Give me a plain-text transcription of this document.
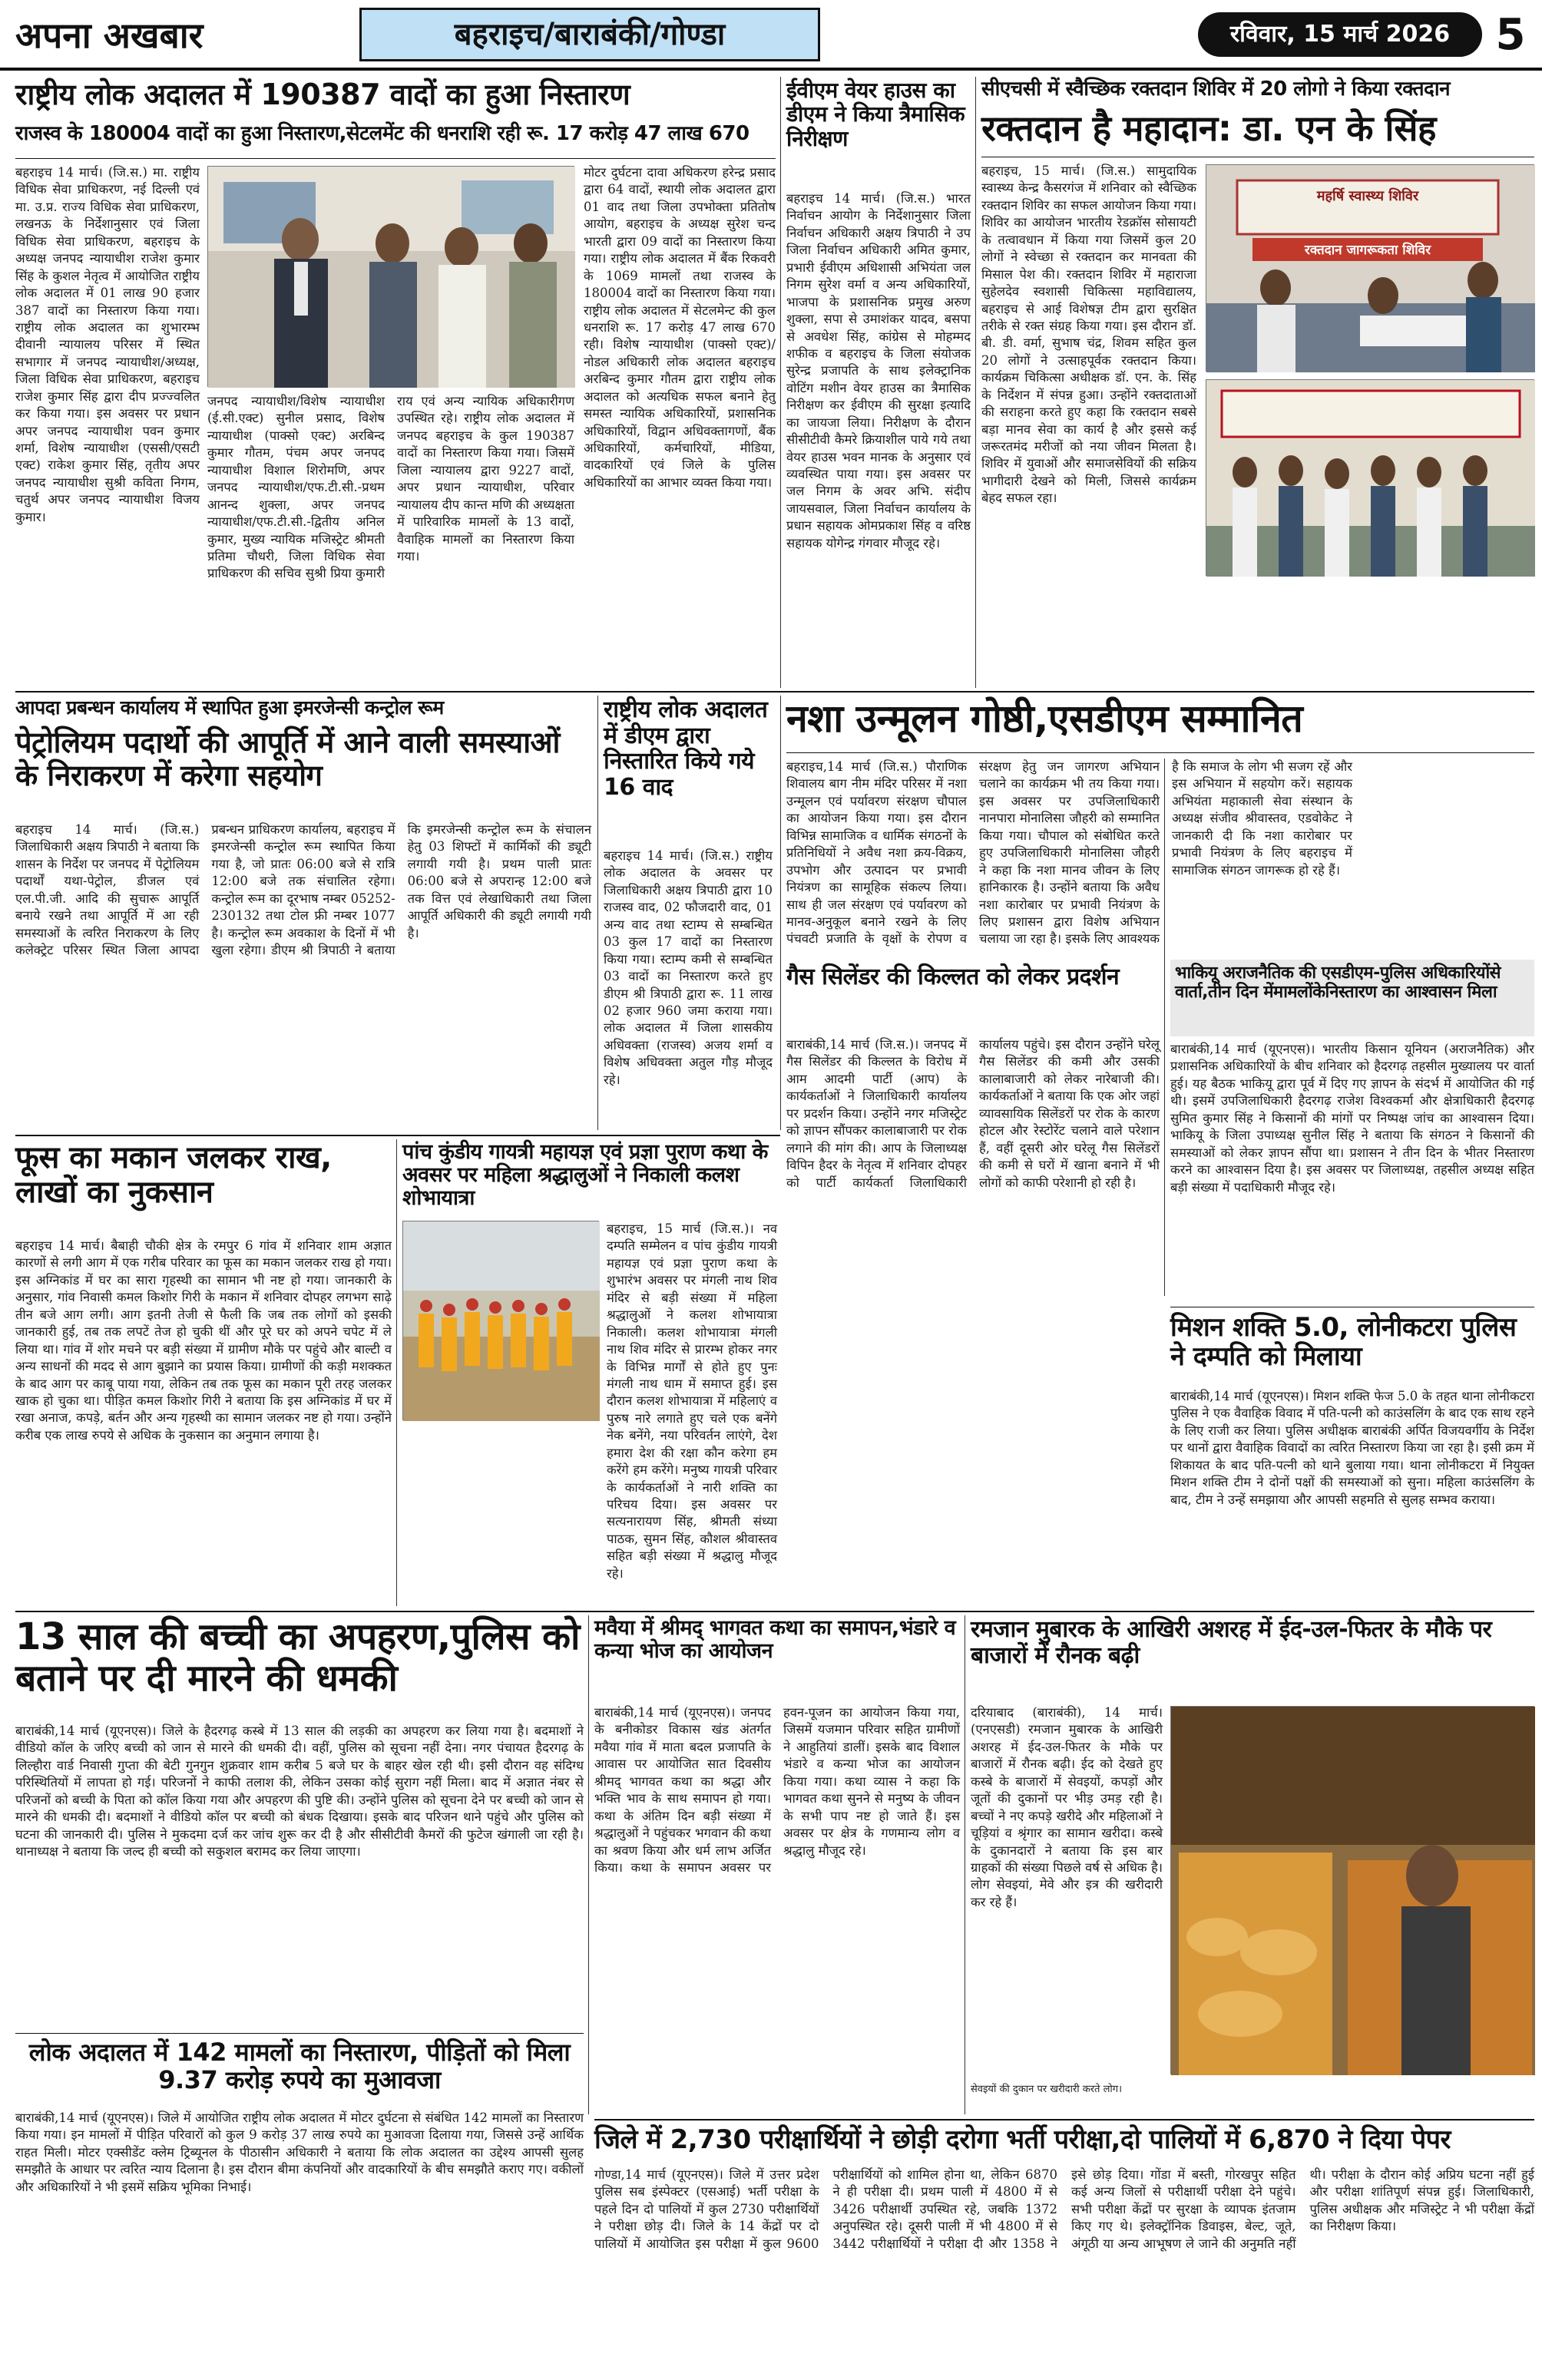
अपना अखबार	बहराइच/बाराबंकी/गोण्डा	रविवार, 15 मार्च 2026	5
राष्ट्रीय लोक अदालत में 190387 वादों का हुआ निस्तारण
राजस्व के 180004 वादों का हुआ निस्तारण,सेटलमेंट की धनराशि रही रू. 17 करोड़ 47 लाख 670
बहराइच 14 मार्च। (जि.स.) मा. राष्ट्रीय विधिक सेवा प्राधिकरण, नई दिल्ली एवं मा. उ.प्र. राज्य विधिक सेवा प्राधिकरण, लखनऊ के निर्देशानुसार एवं जिला विधिक सेवा प्राधिकरण, बहराइच के अध्यक्ष जनपद न्यायाधीश राजेश कुमार सिंह के कुशल नेतृत्व में आयोजित राष्ट्रीय लोक अदालत में 01 लाख 90 हजार 387 वादों का निस्तारण किया गया। राष्ट्रीय लोक अदालत का शुभारम्भ दीवानी न्यायालय परिसर में स्थित सभागार में जनपद न्यायाधीश/अध्यक्ष, जिला विधिक सेवा प्राधिकरण, बहराइच राजेश कुमार सिंह द्वारा दीप प्रज्ज्वलित कर किया गया। इस अवसर पर प्रधान अपर जनपद न्यायाधीश पवन कुमार शर्मा, विशेष न्यायाधीश (एससी/एसटी एक्ट) राकेश कुमार सिंह, तृतीय अपर जनपद न्यायाधीश सुश्री कविता निगम, चतुर्थ अपर जनपद न्यायाधीश विजय कुमार।
जनपद न्यायाधीश/विशेष न्यायाधीश (ई.सी.एक्ट) सुनील प्रसाद, विशेष न्यायाधीश (पाक्सो एक्ट) अरबिन्द कुमार गौतम, पंचम अपर जनपद न्यायाधीश विशाल शिरोमणि, अपर जनपद न्यायाधीश/एफ.टी.सी.-प्रथम आनन्द शुक्ला, अपर जनपद न्यायाधीश/एफ.टी.सी.-द्वितीय अनिल कुमार, मुख्य न्यायिक मजिस्ट्रेट श्रीमती प्रतिमा चौधरी, जिला विधिक सेवा प्राधिकरण की सचिव सुश्री प्रिया कुमारी राय एवं अन्य न्यायिक अधिकारीगण उपस्थित रहे। राष्ट्रीय लोक अदालत में जनपद बहराइच के कुल 190387 वादों का निस्तारण किया गया। जिसमें जिला न्यायालय द्वारा 9227 वादों, अपर प्रधान न्यायाधीश, परिवार न्यायालय दीप कान्त मणि की अध्यक्षता में पारिवारिक मामलों के 13 वादों, वैवाहिक मामलों का निस्तारण किया गया।
मोटर दुर्घटना दावा अधिकरण हरेन्द्र प्रसाद द्वारा 64 वादों, स्थायी लोक अदालत द्वारा 01 वाद तथा जिला उपभोक्ता प्रतितोष आयोग, बहराइच के अध्यक्ष सुरेश चन्द भारती द्वारा 09 वादों का निस्तारण किया गया। राष्ट्रीय लोक अदालत में बैंक रिकवरी के 1069 मामलों तथा राजस्व के 180004 वादों का निस्तारण किया गया। राष्ट्रीय लोक अदालत में सेटलमेन्ट की कुल धनराशि रू. 17 करोड़ 47 लाख 670 रही। विशेष न्यायाधीश (पाक्सो एक्ट)/नोडल अधिकारी लोक अदालत बहराइच अरबिन्द कुमार गौतम द्वारा राष्ट्रीय लोक अदालत को अत्यधिक सफल बनाने हेतु समस्त न्यायिक अधिकारियों, प्रशासनिक अधिकारियों, विद्वान अधिवक्तागणों, बैंक अधिकारियों, कर्मचारियों, मीडिया, वादकारियों एवं जिले के पुलिस अधिकारियों का आभार व्यक्त किया गया।
ईवीएम वेयर हाउस का डीएम ने किया त्रैमासिक निरीक्षण
बहराइच 14 मार्च। (जि.स.) भारत निर्वाचन आयोग के निर्देशानुसार जिला निर्वाचन अधिकारी अक्षय त्रिपाठी ने उप जिला निर्वाचन अधिकारी अमित कुमार, प्रभारी ईवीएम अधिशासी अभियंता जल निगम सुरेश वर्मा व अन्य अधिकारियों, भाजपा के प्रशासनिक प्रमुख अरुण शुक्ला, सपा से उमाशंकर यादव, बसपा से अवधेश सिंह, कांग्रेस से मोहम्मद शफीक व बहराइच के जिला संयोजक सुरेन्द्र प्रजापति के साथ इलेक्ट्रानिक वोटिंग मशीन वेयर हाउस का त्रैमासिक निरीक्षण कर ईवीएम की सुरक्षा इत्यादि का जायजा लिया। निरीक्षण के दौरान सीसीटीवी कैमरे क्रियाशील पाये गये तथा वेयर हाउस भवन मानक के अनुसार एवं व्यवस्थित पाया गया। इस अवसर पर जल निगम के अवर अभि. संदीप जायसवाल, जिला निर्वाचन कार्यालय के प्रधान सहायक ओमप्रकाश सिंह व वरिष्ठ सहायक योगेन्द्र गंगवार मौजूद रहे।
सीएचसी में स्वैच्छिक रक्तदान शिविर में 20 लोगो ने किया रक्तदान
रक्तदान है महादान: डा. एन के सिंह
बहराइच, 15 मार्च। (जि.स.) सामुदायिक स्वास्थ्य केन्द्र कैसरगंज में शनिवार को स्वैच्छिक रक्तदान शिविर का सफल आयोजन किया गया। शिविर का आयोजन भारतीय रेडक्रॉस सोसायटी के तत्वावधान में किया गया जिसमें कुल 20 लोगों ने स्वेच्छा से रक्तदान कर मानवता की मिसाल पेश की। रक्तदान शिविर में महाराजा सुहेलदेव स्वशासी चिकित्सा महाविद्यालय, बहराइच से आई विशेषज्ञ टीम द्वारा सुरक्षित तरीके से रक्त संग्रह किया गया। इस दौरान डॉ. बी. डी. वर्मा, सुभाष चंद्र, शिवम सहित कुल 20 लोगों ने उत्साहपूर्वक रक्तदान किया। कार्यक्रम चिकित्सा अधीक्षक डॉ. एन. के. सिंह के निर्देशन में संपन्न हुआ। उन्होंने रक्तदाताओं की सराहना करते हुए कहा कि रक्तदान सबसे बड़ा मानव सेवा का कार्य है और इससे कई जरूरतमंद मरीजों को नया जीवन मिलता है। शिविर में युवाओं और समाजसेवियों की सक्रिय भागीदारी देखने को मिली, जिससे कार्यक्रम बेहद सफल रहा।
महर्षि स्वास्थ्य शिविर
रक्तदान जागरूकता शिविर
आपदा प्रबन्धन कार्यालय में स्थापित हुआ इमरजेन्सी कन्ट्रोल रूम
पेट्रोलियम पदार्थो की आपूर्ति में आने वाली समस्याओं के निराकरण में करेगा सहयोग
बहराइच 14 मार्च। (जि.स.) जिलाधिकारी अक्षय त्रिपाठी ने बताया कि शासन के निर्देश पर जनपद में पेट्रोलियम पदार्थों यथा-पेट्रोल, डीजल एवं एल.पी.जी. आदि की सुचारू आपूर्ति बनाये रखने तथा आपूर्ति में आ रही समस्याओं के त्वरित निराकरण के लिए कलेक्ट्रेट परिसर स्थित जिला आपदा प्रबन्धन प्राधिकरण कार्यालय, बहराइच में इमरजेन्सी कन्ट्रोल रूम स्थापित किया गया है, जो प्रातः 06:00 बजे से रात्रि 12:00 बजे तक संचालित रहेगा। कन्ट्रोल रूम का दूरभाष नम्बर 05252-230132 तथा टोल फ्री नम्बर 1077 है। कन्ट्रोल रूम अवकाश के दिनों में भी खुला रहेगा। डीएम श्री त्रिपाठी ने बताया कि इमरजेन्सी कन्ट्रोल रूम के संचालन हेतु 03 शिफ्टों में कार्मिकों की ड्यूटी लगायी गयी है। प्रथम पाली प्रातः 06:00 बजे से अपरान्ह 12:00 बजे तक वित्त एवं लेखाधिकारी तथा जिला आपूर्ति अधिकारी की ड्यूटी लगायी गयी है।
राष्ट्रीय लोक अदालत में डीएम द्वारा निस्तारित किये गये 16 वाद
बहराइच 14 मार्च। (जि.स.) राष्ट्रीय लोक अदालत के अवसर पर जिलाधिकारी अक्षय त्रिपाठी द्वारा 10 राजस्व वाद, 02 फौजदारी वाद, 01 अन्य वाद तथा स्टाम्प से सम्बन्धित 03 कुल 17 वादों का निस्तारण किया गया। स्टाम्प कमी से सम्बन्धित 03 वादों का निस्तारण करते हुए डीएम श्री त्रिपाठी द्वारा रू. 11 लाख 02 हजार 960 जमा कराया गया। लोक अदालत में जिला शासकीय अधिवक्ता (राजस्व) अजय शर्मा व विशेष अधिवक्ता अतुल गौड़ मौजूद रहे।
नशा उन्मूलन गोष्ठी,एसडीएम सम्मानित
बहराइच,14 मार्च (जि.स.) पौराणिक शिवालय बाग नीम मंदिर परिसर में नशा उन्मूलन एवं पर्यावरण संरक्षण चौपाल का आयोजन किया गया। इस दौरान विभिन्न सामाजिक व धार्मिक संगठनों के प्रतिनिधियों ने अवैध नशा क्रय-विक्रय, उपभोग और उत्पादन पर प्रभावी नियंत्रण का सामूहिक संकल्प लिया। साथ ही जल संरक्षण एवं पर्यावरण को मानव-अनुकूल बनाने रखने के लिए पंचवटी प्रजाति के वृक्षों के रोपण व संरक्षण हेतु जन जागरण अभियान चलाने का कार्यक्रम भी तय किया गया। इस अवसर पर उपजिलाधिकारी नानपारा मोनालिसा जौहरी को सम्मानित किया गया। चौपाल को संबोधित करते हुए उपजिलाधिकारी मोनालिसा जौहरी ने कहा कि नशा मानव जीवन के लिए हानिकारक है। उन्होंने बताया कि अवैध नशा कारोबार पर प्रभावी नियंत्रण के लिए प्रशासन द्वारा विशेष अभियान चलाया जा रहा है। इसके लिए आवश्यक है कि समाज के लोग भी सजग रहें और इस अभियान में सहयोग करें। सहायक अभियंता महाकाली सेवा संस्थान के अध्यक्ष संजीव श्रीवास्तव, एडवोकेट ने जानकारी दी कि नशा कारोबार पर प्रभावी नियंत्रण के लिए बहराइच में सामाजिक संगठन जागरूक हो रहे हैं।
गैस सिलेंडर की किल्लत को लेकर प्रदर्शन
बाराबंकी,14 मार्च (जि.स.)। जनपद में गैस सिलेंडर की किल्लत के विरोध में आम आदमी पार्टी (आप) के कार्यकर्ताओं ने जिलाधिकारी कार्यालय पर प्रदर्शन किया। उन्होंने नगर मजिस्ट्रेट को ज्ञापन सौंपकर कालाबाजारी पर रोक लगाने की मांग की। आप के जिलाध्यक्ष विपिन हैदर के नेतृत्व में शनिवार दोपहर को पार्टी कार्यकर्ता जिलाधिकारी कार्यालय पहुंचे। इस दौरान उन्होंने घरेलू गैस सिलेंडर की कमी और उसकी कालाबाजारी को लेकर नारेबाजी की। कार्यकर्ताओं ने बताया कि एक ओर जहां व्यावसायिक सिलेंडरों पर रोक के कारण होटल और रेस्टोरेंट चलाने वाले परेशान हैं, वहीं दूसरी ओर घरेलू गैस सिलेंडरों की कमी से घरों में खाना बनाने में भी लोगों को काफी परेशानी हो रही है।
भाकियू अराजनैतिक की एसडीएम-पुलिस अधिकारियोंसे वार्ता,तीन दिन मेंमामलोंकेनिस्तारण का आश्वासन मिला
बाराबंकी,14 मार्च (यूएनएस)। भारतीय किसान यूनियन (अराजनैतिक) और प्रशासनिक अधिकारियों के बीच शनिवार को हैदरगढ़ तहसील मुख्यालय पर वार्ता हुई। यह बैठक भाकियू द्वारा पूर्व में दिए गए ज्ञापन के संदर्भ में आयोजित की गई थी। इसमें उपजिलाधिकारी हैदरगढ़ राजेश विश्वकर्मा और क्षेत्राधिकारी हैदरगढ़ सुमित कुमार सिंह ने किसानों की मांगों पर निष्पक्ष जांच का आश्वासन दिया। भाकियू के जिला उपाध्यक्ष सुनील सिंह ने बताया कि संगठन ने किसानों की समस्याओं को लेकर ज्ञापन सौंपा था। प्रशासन ने तीन दिन के भीतर निस्तारण करने का आश्वासन दिया है। इस अवसर पर जिलाध्यक्ष, तहसील अध्यक्ष सहित बड़ी संख्या में पदाधिकारी मौजूद रहे।
मिशन शक्ति 5.0, लोनीकटरा पुलिस ने दम्पति को मिलाया
बाराबंकी,14 मार्च (यूएनएस)। मिशन शक्ति फेज 5.0 के तहत थाना लोनीकटरा पुलिस ने एक वैवाहिक विवाद में पति-पत्नी को काउंसलिंग के बाद एक साथ रहने के लिए राजी कर लिया। पुलिस अधीक्षक बाराबंकी अर्पित विजयवर्गीय के निर्देश पर थानों द्वारा वैवाहिक विवादों का त्वरित निस्तारण किया जा रहा है। इसी क्रम में शिकायत के बाद पति-पत्नी को थाने बुलाया गया। थाना लोनीकटरा में नियुक्त मिशन शक्ति टीम ने दोनों पक्षों की समस्याओं को सुना। महिला काउंसलिंग के बाद, टीम ने उन्हें समझाया और आपसी सहमति से सुलह सम्भव कराया।
फूस का मकान जलकर राख, लाखों का नुकसान
बहराइच 14 मार्च। बैबाही चौकी क्षेत्र के रमपुर 6 गांव में शनिवार शाम अज्ञात कारणों से लगी आग में एक गरीब परिवार का फूस का मकान जलकर राख हो गया। इस अग्निकांड में घर का सारा गृहस्थी का सामान भी नष्ट हो गया। जानकारी के अनुसार, गांव निवासी कमल किशोर गिरी के मकान में शनिवार दोपहर लगभग साढ़े तीन बजे आग लगी। आग इतनी तेजी से फैली कि जब तक लोगों को इसकी जानकारी हुई, तब तक लपटें तेज हो चुकी थीं और पूरे घर को अपने चपेट में ले लिया था। गांव में शोर मचने पर बड़ी संख्या में ग्रामीण मौके पर पहुंचे और बाल्टी व अन्य साधनों की मदद से आग बुझाने का प्रयास किया। ग्रामीणों की कड़ी मशक्कत के बाद आग पर काबू पाया गया, लेकिन तब तक फूस का मकान पूरी तरह जलकर खाक हो चुका था। पीड़ित कमल किशोर गिरी ने बताया कि इस अग्निकांड में घर में रखा अनाज, कपड़े, बर्तन और अन्य गृहस्थी का सामान जलकर नष्ट हो गया। उन्होंने करीब एक लाख रुपये से अधिक के नुकसान का अनुमान लगाया है।
पांच कुंडीय गायत्री महायज्ञ एवं प्रज्ञा पुराण कथा के अवसर पर महिला श्रद्धालुओं ने निकाली कलश शोभायात्रा
बहराइच, 15 मार्च (जि.स.)। नव दम्पति सम्मेलन व पांच कुंडीय गायत्री महायज्ञ एवं प्रज्ञा पुराण कथा के शुभारंभ अवसर पर मंगली नाथ शिव मंदिर से बड़ी संख्या में महिला श्रद्धालुओं ने कलश शोभायात्रा निकाली। कलश शोभायात्रा मंगली नाथ शिव मंदिर से प्रारम्भ होकर नगर के विभिन्न मार्गों से होते हुए पुनः मंगली नाथ धाम में समाप्त हुई। इस दौरान कलश शोभायात्रा में महिलाएं व पुरुष नारे लगाते हुए चले एक बनेंगे नेक बनेंगे, नया परिवर्तन लाएंगे, देश हमारा देश की रक्षा कौन करेगा हम करेंगे हम करेंगे। मनुष्य गायत्री परिवार के कार्यकर्ताओं ने नारी शक्ति का परिचय दिया। इस अवसर पर सत्यनारायण सिंह, श्रीमती संध्या पाठक, सुमन सिंह, कौशल श्रीवास्तव सहित बड़ी संख्या में श्रद्धालु मौजूद रहे।
13 साल की बच्ची का अपहरण,पुलिस को बताने पर दी मारने की धमकी
बाराबंकी,14 मार्च (यूएनएस)। जिले के हैदरगढ़ कस्बे में 13 साल की लड़की का अपहरण कर लिया गया है। बदमाशों ने वीडियो कॉल के जरिए बच्ची को जान से मारने की धमकी दी। वहीं, पुलिस को सूचना नहीं देना। नगर पंचायत हैदरगढ़ के लिल्हौरा वार्ड निवासी गुप्ता की बेटी गुनगुन शुक्रवार शाम करीब 5 बजे घर के बाहर खेल रही थी। इसी दौरान वह संदिग्ध परिस्थितियों में लापता हो गई। परिजनों ने काफी तलाश की, लेकिन उसका कोई सुराग नहीं मिला। बाद में अज्ञात नंबर से परिजनों को बच्ची के पिता को कॉल किया गया और अपहरण की पुष्टि की। उन्होंने पुलिस को सूचना देने पर बच्ची को जान से मारने की धमकी दी। बदमाशों ने वीडियो कॉल पर बच्ची को बंधक दिखाया। इसके बाद परिजन थाने पहुंचे और पुलिस को घटना की जानकारी दी। पुलिस ने मुकदमा दर्ज कर जांच शुरू कर दी है और सीसीटीवी कैमरों की फुटेज खंगाली जा रही है। थानाध्यक्ष ने बताया कि जल्द ही बच्ची को सकुशल बरामद कर लिया जाएगा।
मवैया में श्रीमद् भागवत कथा का समापन,भंडारे व कन्या भोज का आयोजन
बाराबंकी,14 मार्च (यूएनएस)। जनपद के बनीकोडर विकास खंड अंतर्गत मवैया गांव में माता बदल प्रजापति के आवास पर आयोजित सात दिवसीय श्रीमद् भागवत कथा का श्रद्धा और भक्ति भाव के साथ समापन हो गया। कथा के अंतिम दिन बड़ी संख्या में श्रद्धालुओं ने पहुंचकर भगवान की कथा का श्रवण किया और धर्म लाभ अर्जित किया। कथा के समापन अवसर पर हवन-पूजन का आयोजन किया गया, जिसमें यजमान परिवार सहित ग्रामीणों ने आहुतियां डालीं। इसके बाद विशाल भंडारे व कन्या भोज का आयोजन किया गया। कथा व्यास ने कहा कि भागवत कथा सुनने से मनुष्य के जीवन के सभी पाप नष्ट हो जाते हैं। इस अवसर पर क्षेत्र के गणमान्य लोग व श्रद्धालु मौजूद रहे।
रमजान मुबारक के आखिरी अशरह में ईद-उल-फितर के मौके पर बाजारों में रौनक बढ़ी
दरियाबाद (बाराबंकी), 14 मार्च। (एनएसडी) रमजान मुबारक के आखिरी अशरह में ईद-उल-फितर के मौके पर बाजारों में रौनक बढ़ी। ईद को देखते हुए कस्बे के बाजारों में सेवइयों, कपड़ों और जूतों की दुकानों पर भीड़ उमड़ रही है। बच्चों ने नए कपड़े खरीदे और महिलाओं ने चूड़ियां व श्रृंगार का सामान खरीदा। कस्बे के दुकानदारों ने बताया कि इस बार ग्राहकों की संख्या पिछले वर्ष से अधिक है। लोग सेवइयां, मेवे और इत्र की खरीदारी कर रहे हैं।
सेवइयों की दुकान पर खरीदारी करते लोग।
लोक अदालत में 142 मामलों का निस्तारण, पीड़ितों को मिला 9.37 करोड़ रुपये का मुआवजा
बाराबंकी,14 मार्च (यूएनएस)। जिले में आयोजित राष्ट्रीय लोक अदालत में मोटर दुर्घटना से संबंधित 142 मामलों का निस्तारण किया गया। इन मामलों में पीड़ित परिवारों को कुल 9 करोड़ 37 लाख रुपये का मुआवजा दिलाया गया, जिससे उन्हें आर्थिक राहत मिली। मोटर एक्सीडेंट क्लेम ट्रिब्यूनल के पीठासीन अधिकारी ने बताया कि लोक अदालत का उद्देश्य आपसी सुलह समझौते के आधार पर त्वरित न्याय दिलाना है। इस दौरान बीमा कंपनियों और वादकारियों के बीच समझौते कराए गए। वकीलों और अधिकारियों ने भी इसमें सक्रिय भूमिका निभाई।
जिले में 2,730 परीक्षार्थियों ने छोड़ी दरोगा भर्ती परीक्षा,दो पालियों में 6,870 ने दिया पेपर
गोण्डा,14 मार्च (यूएनएस)। जिले में उत्तर प्रदेश पुलिस सब इंस्पेक्टर (एसआई) भर्ती परीक्षा के पहले दिन दो पालियों में कुल 2730 परीक्षार्थियों ने परीक्षा छोड़ दी। जिले के 14 केंद्रों पर दो पालियों में आयोजित इस परीक्षा में कुल 9600 परीक्षार्थियों को शामिल होना था, लेकिन 6870 ने ही परीक्षा दी। प्रथम पाली में 4800 में से 3426 परीक्षार्थी उपस्थित रहे, जबकि 1372 अनुपस्थित रहे। दूसरी पाली में भी 4800 में से 3442 परीक्षार्थियों ने परीक्षा दी और 1358 ने इसे छोड़ दिया। गोंडा में बस्ती, गोरखपुर सहित कई अन्य जिलों से परीक्षार्थी परीक्षा देने पहुंचे। सभी परीक्षा केंद्रों पर सुरक्षा के व्यापक इंतजाम किए गए थे। इलेक्ट्रॉनिक डिवाइस, बेल्ट, जूते, अंगूठी या अन्य आभूषण ले जाने की अनुमति नहीं थी। परीक्षा के दौरान कोई अप्रिय घटना नहीं हुई और परीक्षा शांतिपूर्ण संपन्न हुई। जिलाधिकारी, पुलिस अधीक्षक और मजिस्ट्रेट ने भी परीक्षा केंद्रों का निरीक्षण किया।
